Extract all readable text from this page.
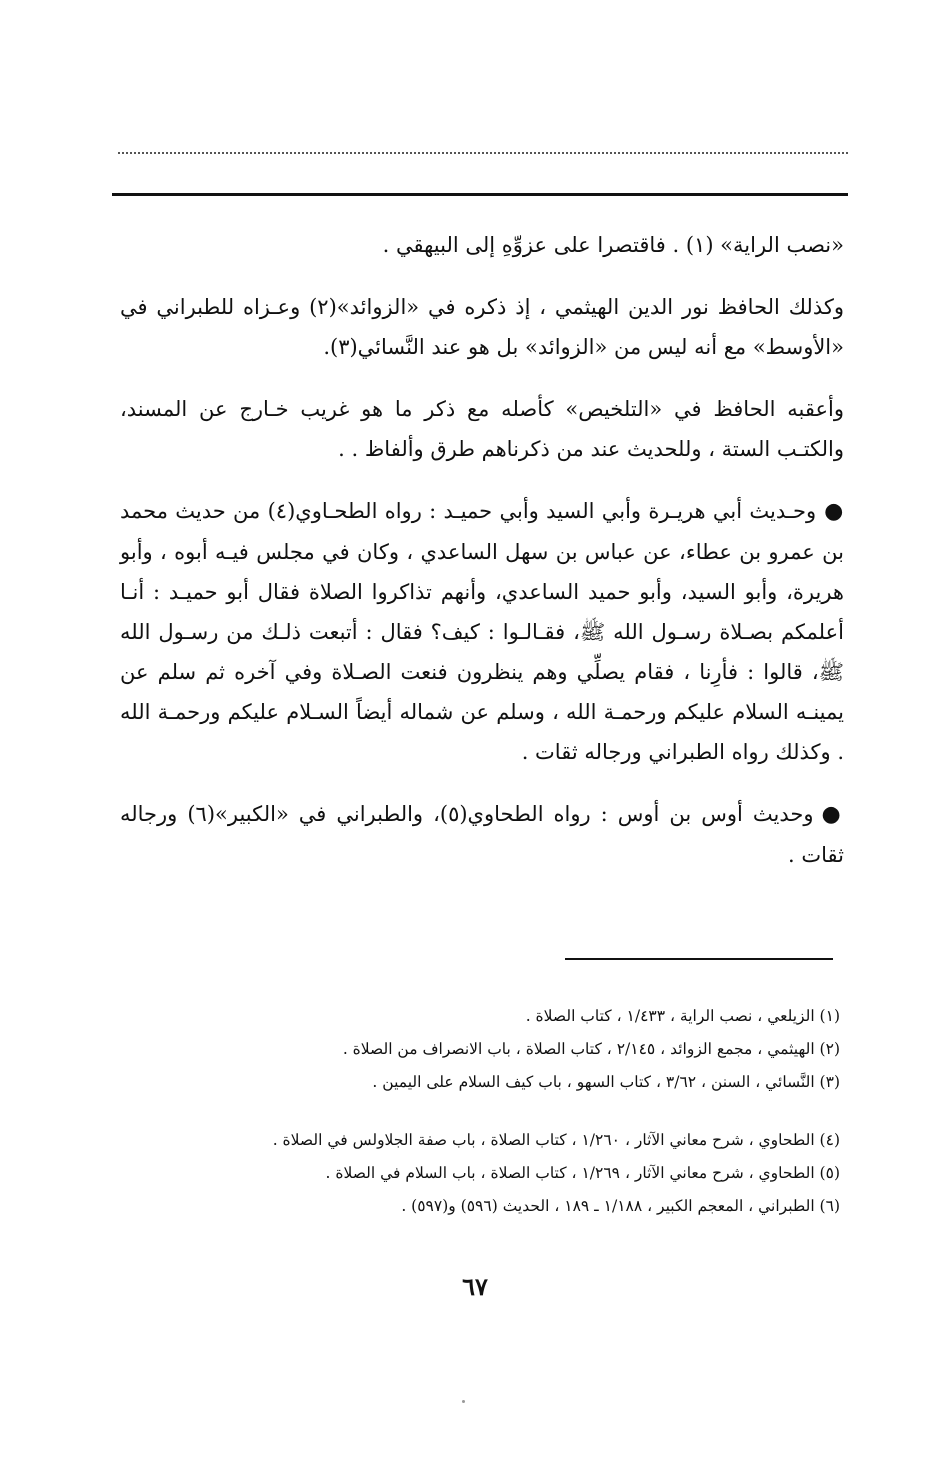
«نصب الراية» (١) . فاقتصرا على عزوِّهِ إلى البيهقي .

وكذلك الحافظ نور الدين الهيثمي ، إذ ذكره في «الزوائد»(٢) وعـزاه للطبراني في «الأوسط» مع أنه ليس من «الزوائد» بل هو عند النَّسائي(٣).

وأعقبه الحافظ في «التلخيص» كأصله مع ذكر ما هو غريب خـارج عن المسند، والكتـب الستة ، وللحديث عند من ذكرناهم طرق وألفاظ . .

●وحـديث أبي هريـرة وأبي السيد وأبي حميـد : رواه الطحـاوي(٤) من حديث محمد بن عمرو بن عطاء، عن عباس بن سهل الساعدي ، وكان في مجلس فيـه أبوه ، وأبو هريرة، وأبو السيد، وأبو حميد الساعدي، وأنهم تذاكروا الصلاة فقال أبو حميـد : أنـا أعلمكم بصـلاة رسـول الله ﷺ، فقـالـوا : كيف؟ فقال : أتبعت ذلـك من رسـول الله ﷺ، قالوا : فأرِنا ، فقام يصلِّي وهم ينظرون فنعت الصـلاة وفي آخره ثم سلم عن يمينـه السلام عليكم ورحمـة الله ، وسلم عن شماله أيضاً السـلام عليكم ورحمـة الله . وكذلك رواه الطبراني ورجاله ثقات .

●وحديث أوس بن أوس : رواه الطحاوي(٥)، والطبراني في «الكبير»(٦) ورجاله ثقات .

(١) الزيلعي ، نصب الراية ، ١/٤٣٣ ، كتاب الصلاة .
(٢) الهيثمي ، مجمع الزوائد ، ٢/١٤٥ ، كتاب الصلاة ، باب الانصراف من الصلاة .
(٣) النَّسائي ، السنن ، ٣/٦٢ ، كتاب السهو ، باب كيف السلام على اليمين .
(٤) الطحاوي ، شرح معاني الآثار ، ١/٢٦٠ ، كتاب الصلاة ، باب صفة الجلاولس في الصلاة .
(٥) الطحاوي ، شرح معاني الآثار ، ١/٢٦٩ ، كتاب الصلاة ، باب السلام في الصلاة .
(٦) الطبراني ، المعجم الكبير ، ١/١٨٨ ـ ١٨٩ ، الحديث (٥٩٦) و(٥٩٧) .
٦٧
